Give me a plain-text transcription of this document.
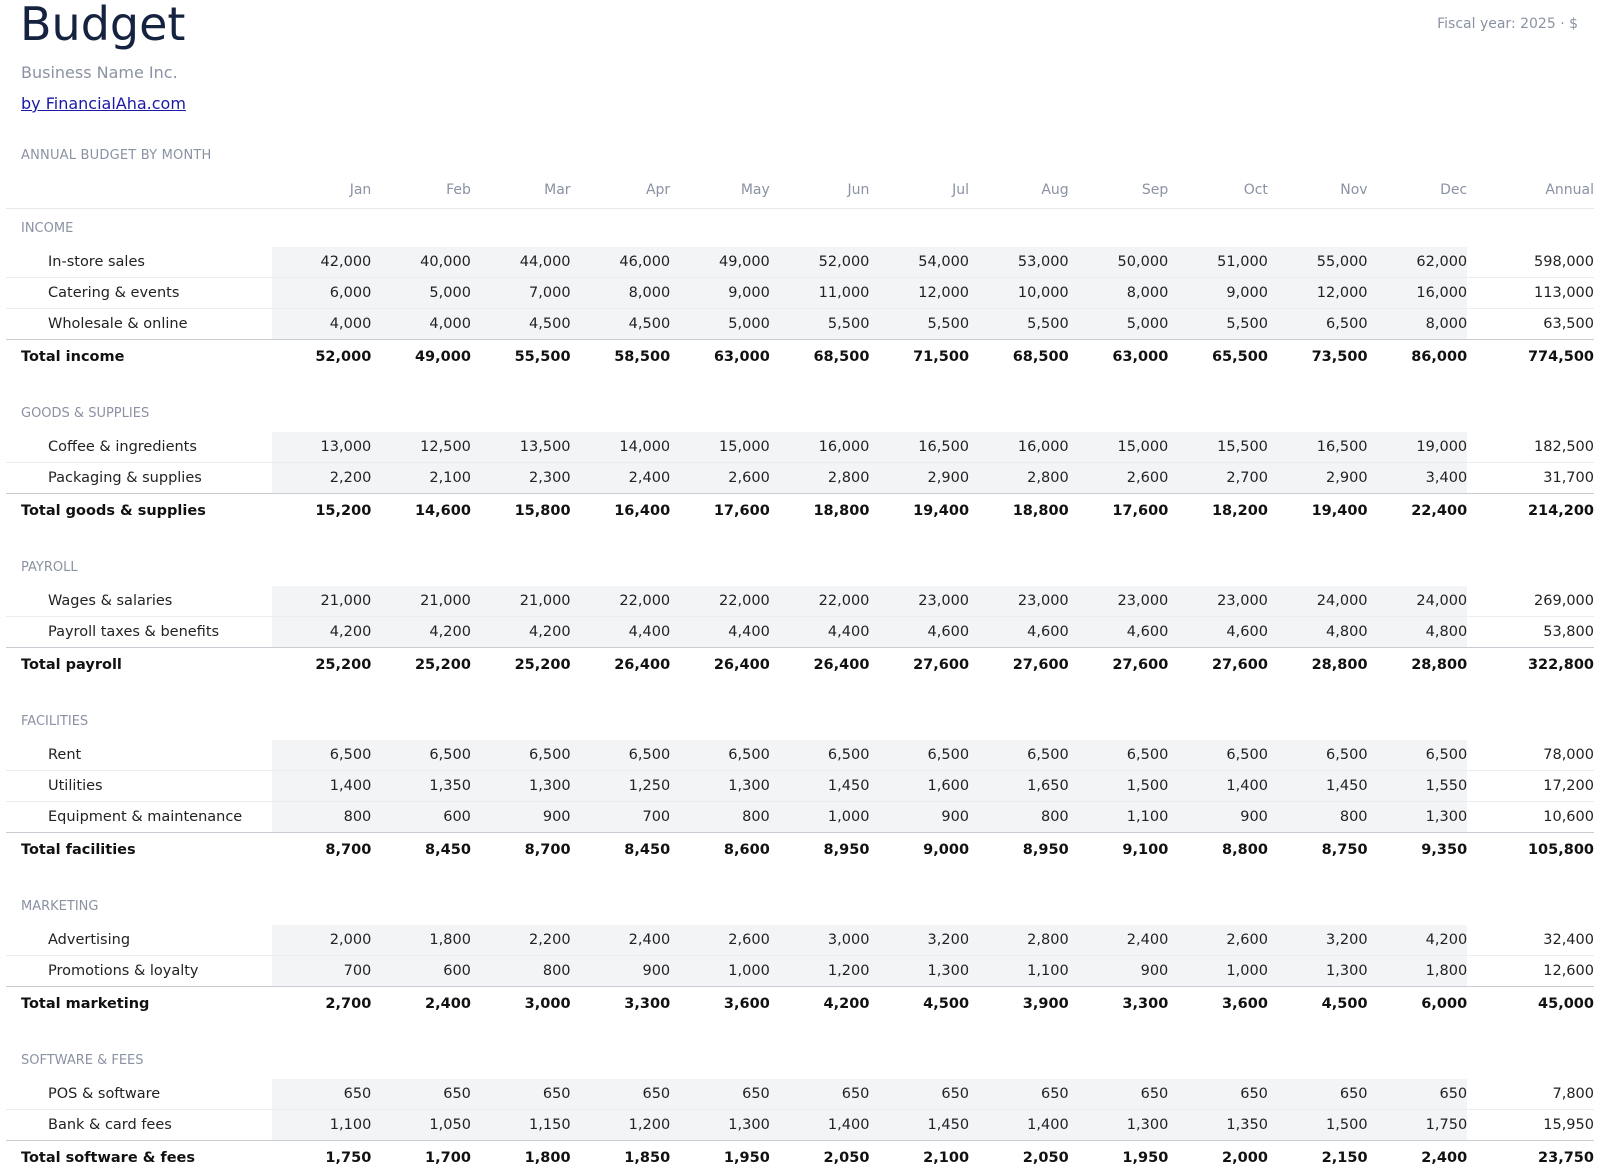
Budget	Fiscal year: 2025 · $
Business Name Inc.
by FinancialAha.com
ANNUAL BUDGET BY MONTH
	Jan	Feb	Mar	Apr	May	Jun	Jul	Aug	Sep	Oct	Nov	Dec	Annual
INCOME													
In-store sales	42,000	40,000	44,000	46,000	49,000	52,000	54,000	53,000	50,000	51,000	55,000	62,000	598,000
Catering & events	6,000	5,000	7,000	8,000	9,000	11,000	12,000	10,000	8,000	9,000	12,000	16,000	113,000
Wholesale & online	4,000	4,000	4,500	4,500	5,000	5,500	5,500	5,500	5,000	5,500	6,500	8,000	63,500
Total income	52,000	49,000	55,500	58,500	63,000	68,500	71,500	68,500	63,000	65,500	73,500	86,000	774,500

GOODS & SUPPLIES													
Coffee & ingredients	13,000	12,500	13,500	14,000	15,000	16,000	16,500	16,000	15,000	15,500	16,500	19,000	182,500
Packaging & supplies	2,200	2,100	2,300	2,400	2,600	2,800	2,900	2,800	2,600	2,700	2,900	3,400	31,700
Total goods & supplies	15,200	14,600	15,800	16,400	17,600	18,800	19,400	18,800	17,600	18,200	19,400	22,400	214,200

PAYROLL													
Wages & salaries	21,000	21,000	21,000	22,000	22,000	22,000	23,000	23,000	23,000	23,000	24,000	24,000	269,000
Payroll taxes & benefits	4,200	4,200	4,200	4,400	4,400	4,400	4,600	4,600	4,600	4,600	4,800	4,800	53,800
Total payroll	25,200	25,200	25,200	26,400	26,400	26,400	27,600	27,600	27,600	27,600	28,800	28,800	322,800

FACILITIES													
Rent	6,500	6,500	6,500	6,500	6,500	6,500	6,500	6,500	6,500	6,500	6,500	6,500	78,000
Utilities	1,400	1,350	1,300	1,250	1,300	1,450	1,600	1,650	1,500	1,400	1,450	1,550	17,200
Equipment & maintenance	800	600	900	700	800	1,000	900	800	1,100	900	800	1,300	10,600
Total facilities	8,700	8,450	8,700	8,450	8,600	8,950	9,000	8,950	9,100	8,800	8,750	9,350	105,800

MARKETING													
Advertising	2,000	1,800	2,200	2,400	2,600	3,000	3,200	2,800	2,400	2,600	3,200	4,200	32,400
Promotions & loyalty	700	600	800	900	1,000	1,200	1,300	1,100	900	1,000	1,300	1,800	12,600
Total marketing	2,700	2,400	3,000	3,300	3,600	4,200	4,500	3,900	3,300	3,600	4,500	6,000	45,000

SOFTWARE & FEES													
POS & software	650	650	650	650	650	650	650	650	650	650	650	650	7,800
Bank & card fees	1,100	1,050	1,150	1,200	1,300	1,400	1,450	1,400	1,300	1,350	1,500	1,750	15,950
Total software & fees	1,750	1,700	1,800	1,850	1,950	2,050	2,100	2,050	1,950	2,000	2,150	2,400	23,750
